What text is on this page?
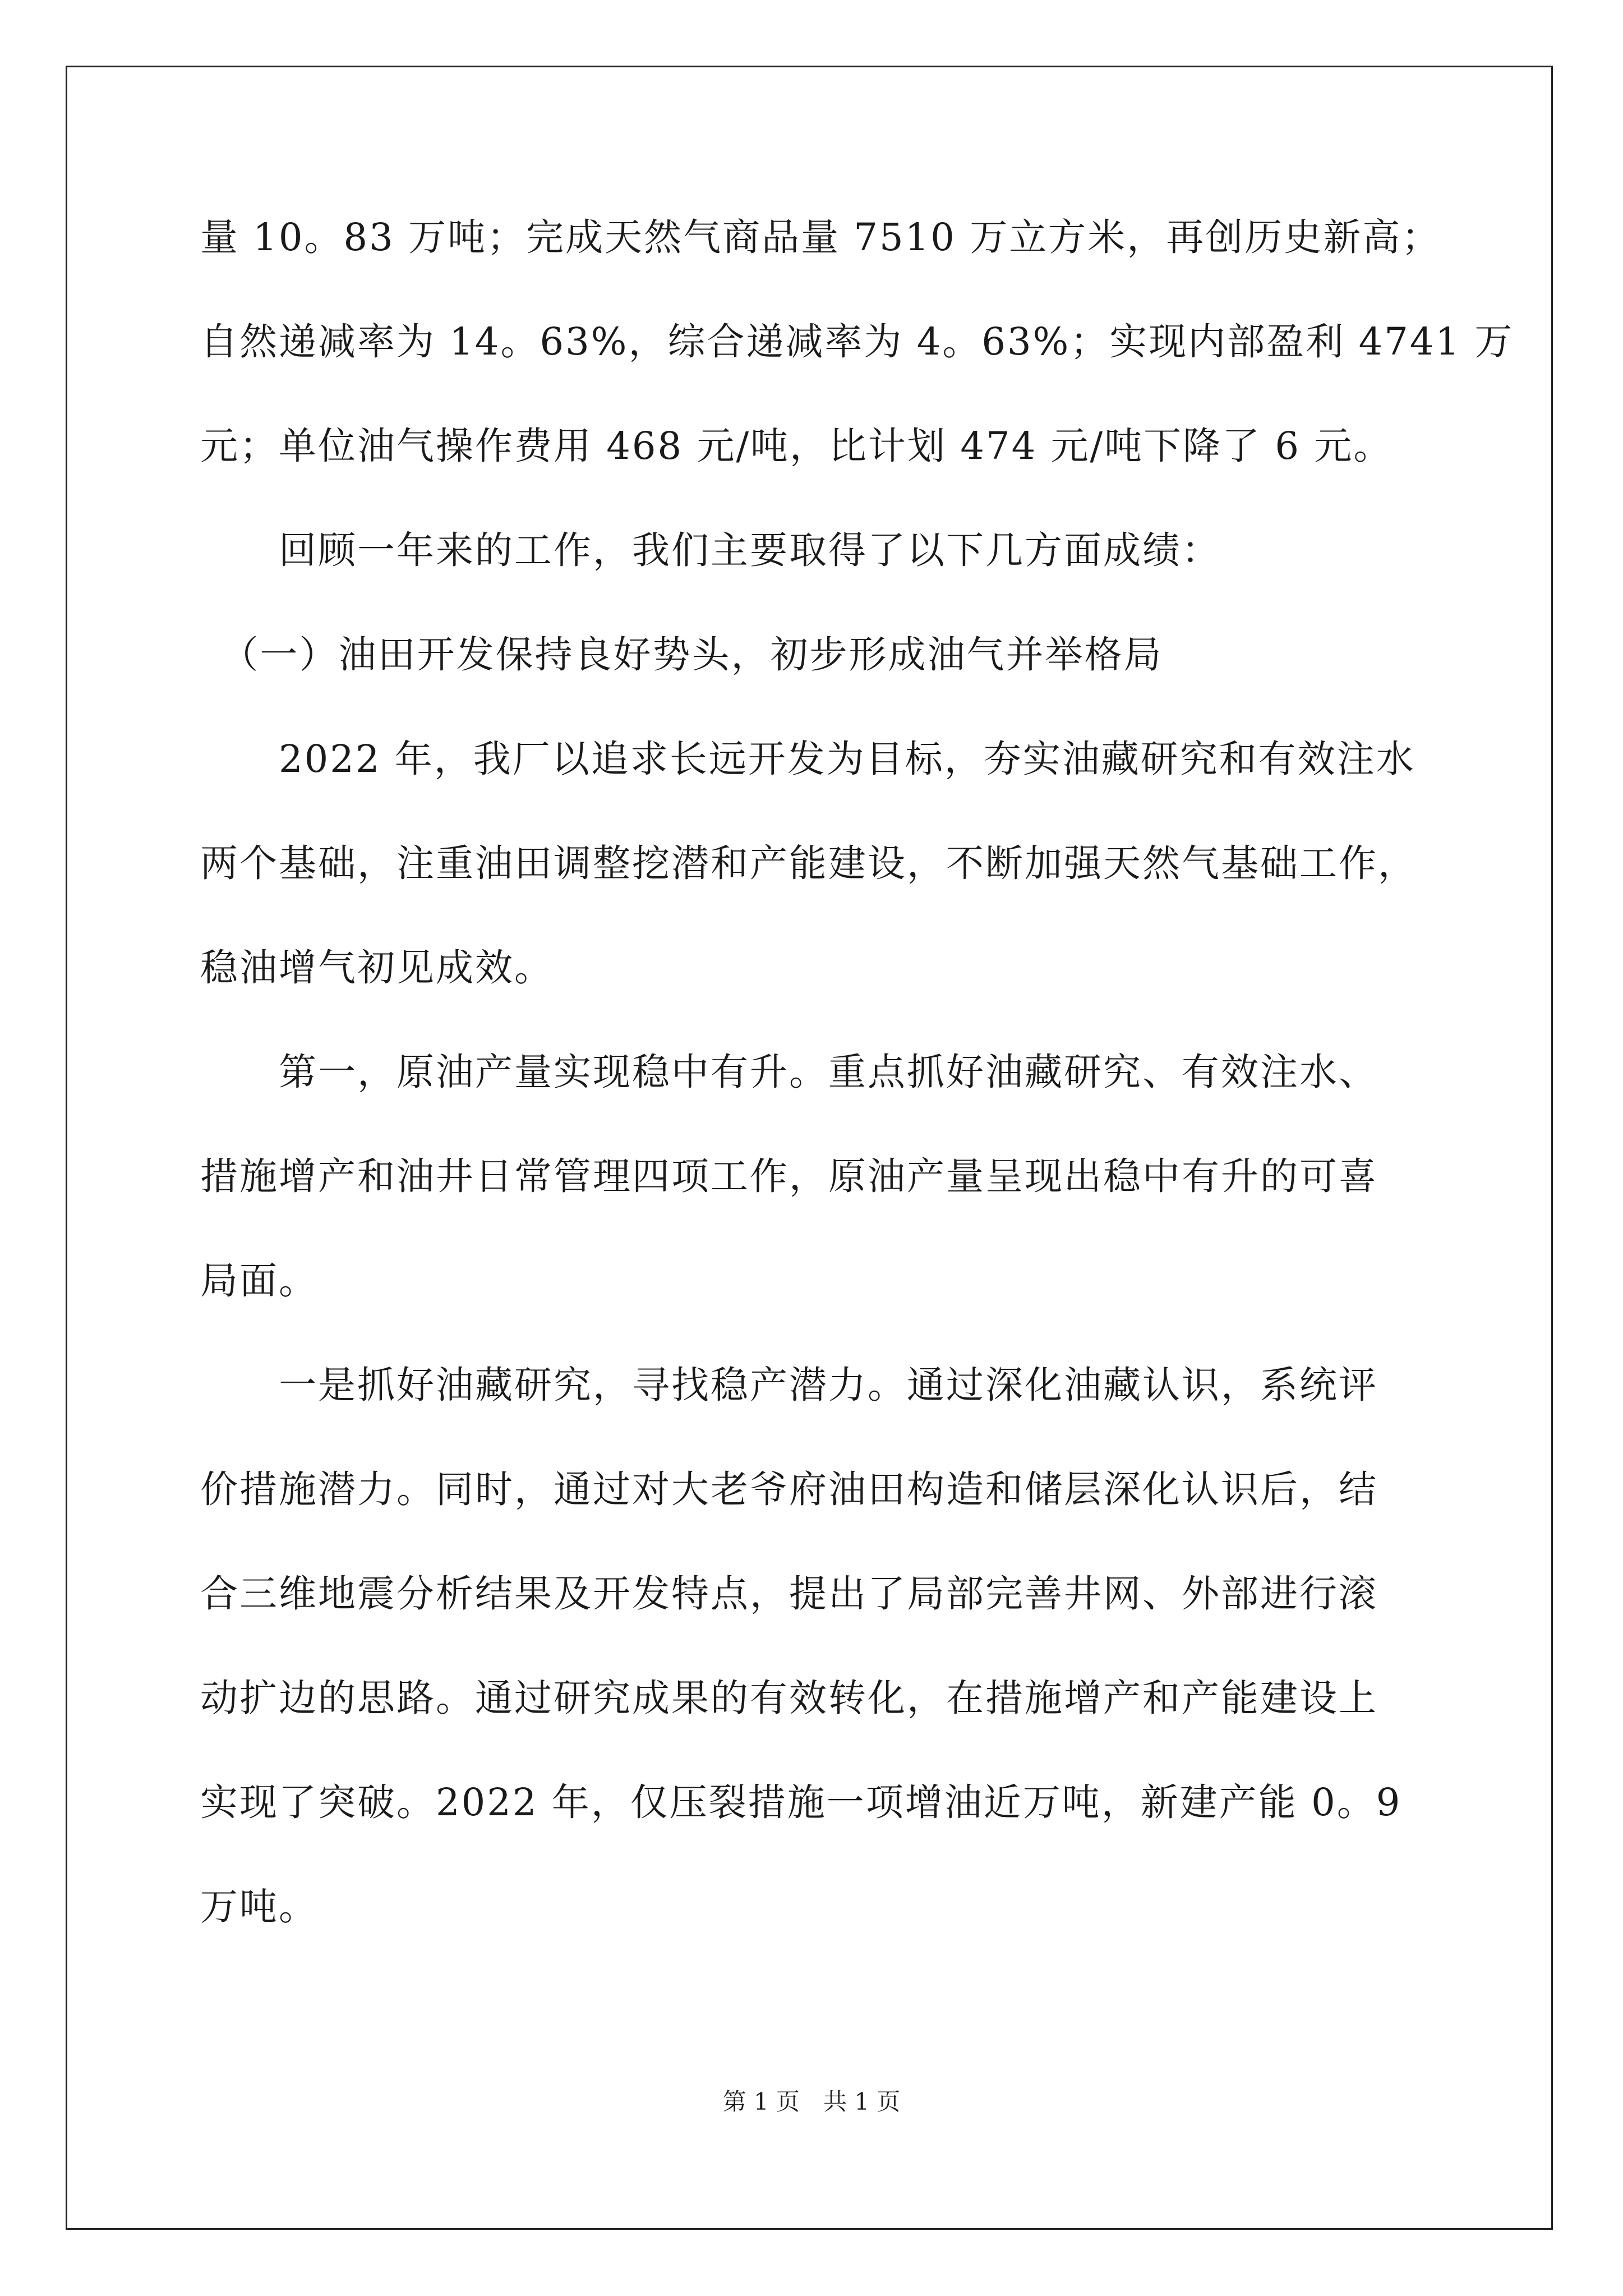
量 10。83 万吨；完成天然气商品量 7510 万立方米，再创历史新高；
自然递减率为 14。63%，综合递减率为 4。63%；实现内部盈利 4741 万
元；单位油气操作费用 468 元/吨，比计划 474 元/吨下降了 6 元。
　　回顾一年来的工作，我们主要取得了以下几方面成绩：
　（一）油田开发保持良好势头，初步形成油气并举格局
　　2022 年，我厂以追求长远开发为目标，夯实油藏研究和有效注水
两个基础，注重油田调整挖潜和产能建设，不断加强天然气基础工作，
稳油增气初见成效。
　　第一，原油产量实现稳中有升。重点抓好油藏研究、有效注水、
措施增产和油井日常管理四项工作，原油产量呈现出稳中有升的可喜
局面。
　　一是抓好油藏研究，寻找稳产潜力。通过深化油藏认识，系统评
价措施潜力。同时，通过对大老爷府油田构造和储层深化认识后，结
合三维地震分析结果及开发特点，提出了局部完善井网、外部进行滚
动扩边的思路。通过研究成果的有效转化，在措施增产和产能建设上
实现了突破。2022 年，仅压裂措施一项增油近万吨，新建产能 0。9
万吨。
第 1 页　共 1 页
